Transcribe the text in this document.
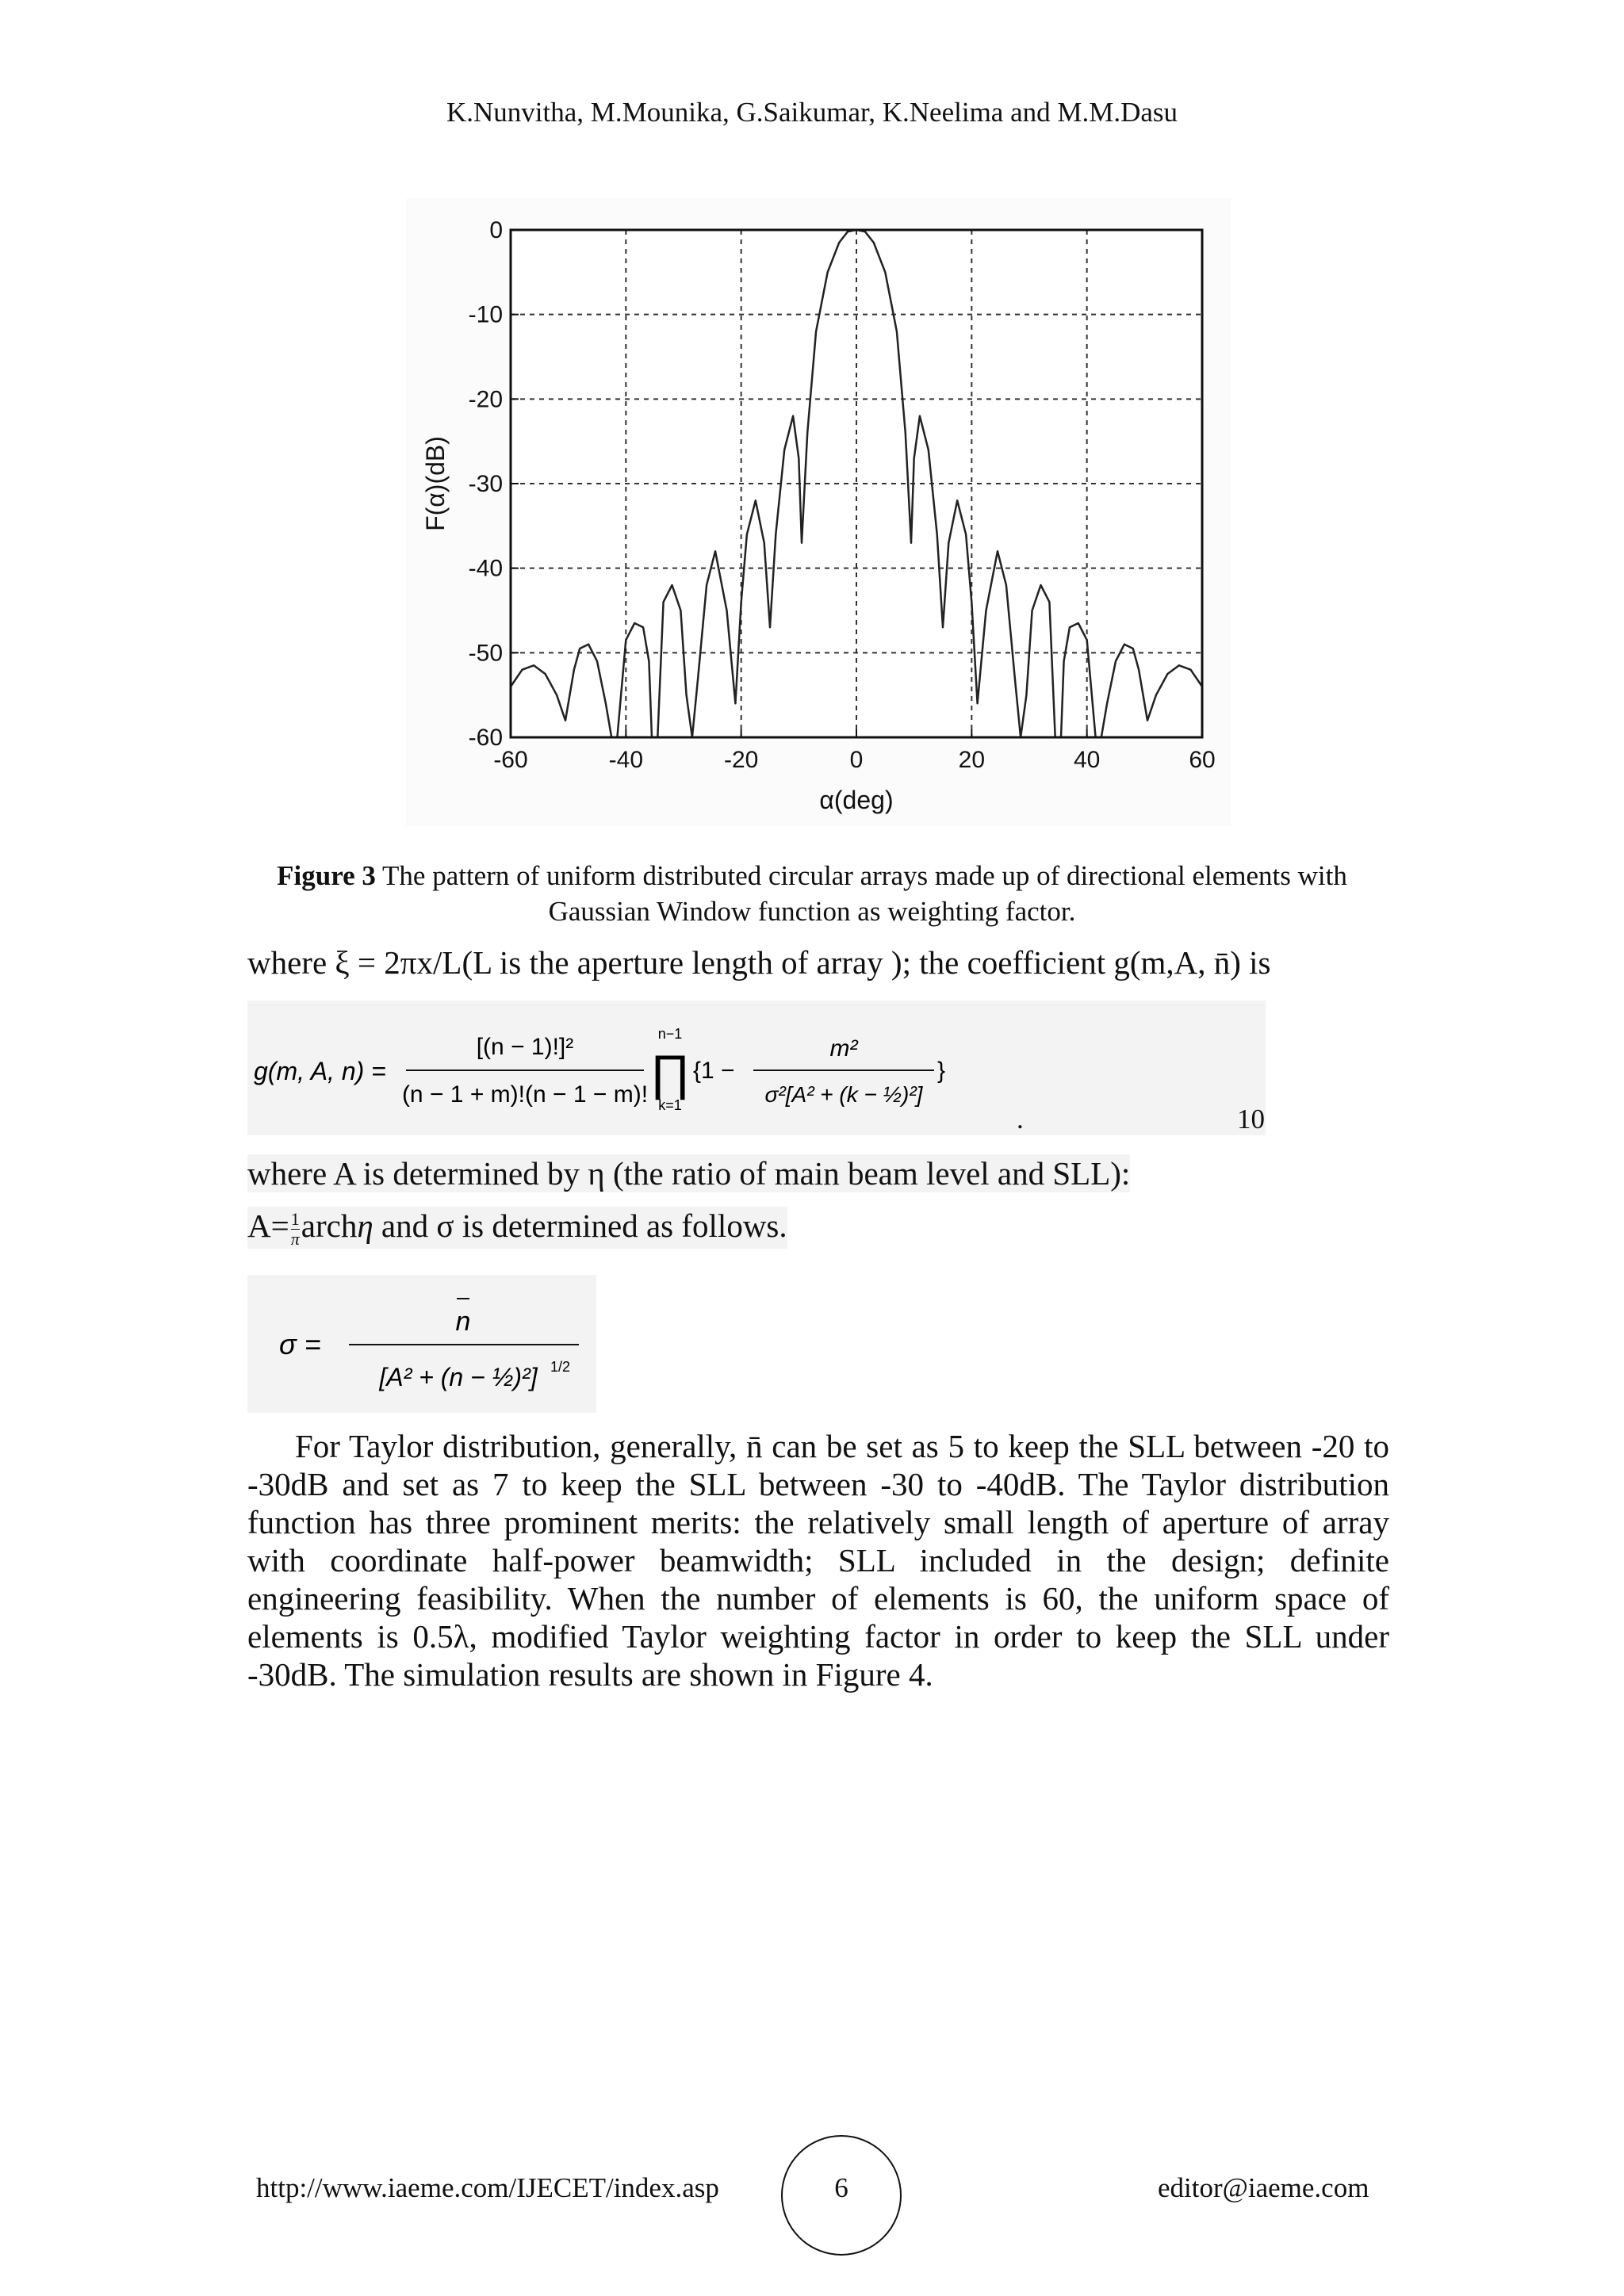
K.Nunvitha, M.Mounika, G.Saikumar, K.Neelima and M.M.Dasu
-60	-40	-20	0	20	40	60
0
-10
-20
-30
-40
-50
-60
α(deg)
F(α)(dB)
Figure 3 The pattern of uniform distributed circular arrays made up of directional elements with Gaussian Window function as weighting factor.
where ξ = 2πx/L(L is the aperture length of array ); the coefficient g(m,A, n̄) is
g(m, A, n) =
[(n − 1)!]²
(n − 1 + m)!(n − 1 − m)!
n−1
∏
k=1
{1 −
m²
σ²[A² + (k − ½)²]
}
.	10
where A is determined by η (the ratio of main beam level and SLL):
$A= \frac{1}{\pi}$ archη and σ is determined as follows.
σ =
n
[A² + (n − ½)²] 1/2
For Taylor distribution, generally, n̄ can be set as 5 to keep the SLL between -20 to -30dB and set as 7 to keep the SLL between -30 to -40dB. The Taylor distribution function has three prominent merits: the relatively small length of aperture of array with coordinate half-power beamwidth; SLL included in the design; definite engineering feasibility. When the number of elements is 60, the uniform space of elements is 0.5λ, modified Taylor weighting factor in order to keep the SLL under -30dB. The simulation results are shown in Figure 4.
http://www.iaeme.com/IJECET/index.asp	6	editor@iaeme.com
